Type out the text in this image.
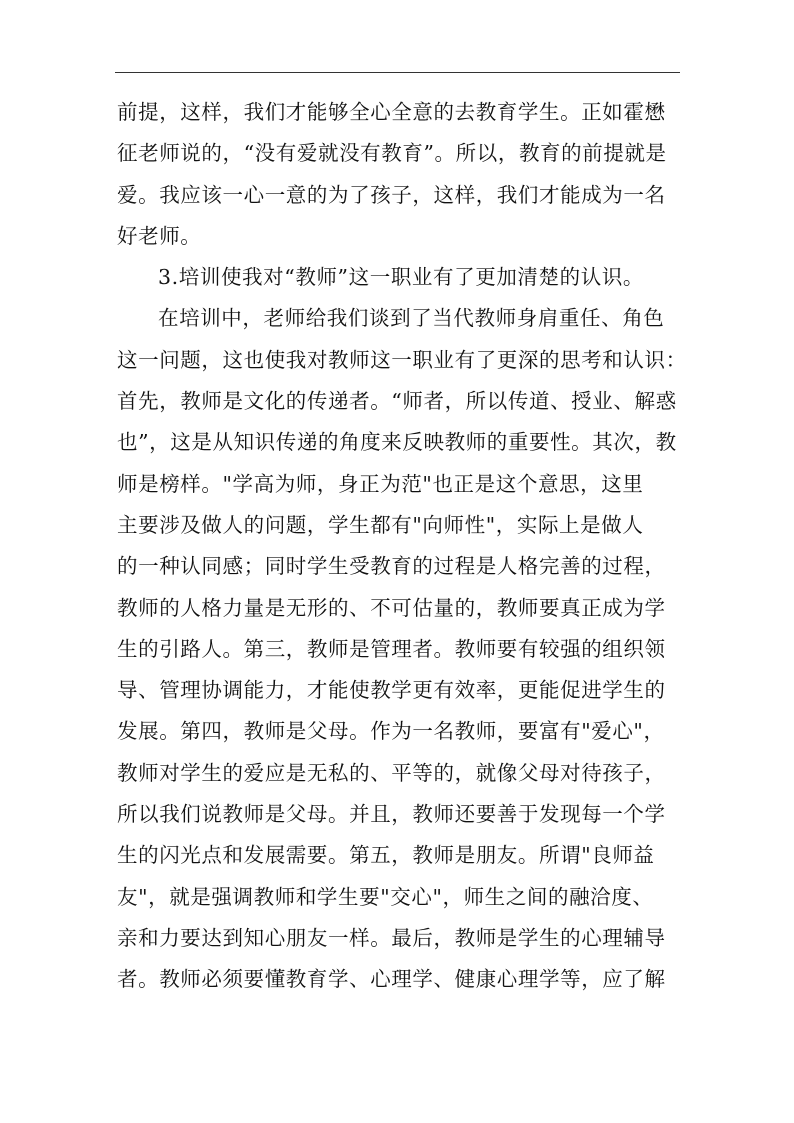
前提，这样，我们才能够全心全意的去教育学生。正如霍懋
征老师说的，“没有爱就没有教育”。所以，教育的前提就是
爱。我应该一心一意的为了孩子，这样，我们才能成为一名
好老师。
3.培训使我对“教师”这一职业有了更加清楚的认识。
在培训中，老师给我们谈到了当代教师身肩重任、角色
这一问题，这也使我对教师这一职业有了更深的思考和认识：
首先，教师是文化的传递者。“师者，所以传道、授业、解惑
也”，这是从知识传递的角度来反映教师的重要性。其次，教
师是榜样。"学高为师，身正为范"也正是这个意思，这里
主要涉及做人的问题，学生都有"向师性"，实际上是做人
的一种认同感；同时学生受教育的过程是人格完善的过程，
教师的人格力量是无形的、不可估量的，教师要真正成为学
生的引路人。第三，教师是管理者。教师要有较强的组织领
导、管理协调能力，才能使教学更有效率，更能促进学生的
发展。第四，教师是父母。作为一名教师，要富有"爱心"，
教师对学生的爱应是无私的、平等的，就像父母对待孩子，
所以我们说教师是父母。并且，教师还要善于发现每一个学
生的闪光点和发展需要。第五，教师是朋友。所谓"良师益
友"，就是强调教师和学生要"交心"，师生之间的融洽度、
亲和力要达到知心朋友一样。最后，教师是学生的心理辅导
者。教师必须要懂教育学、心理学、健康心理学等，应了解
